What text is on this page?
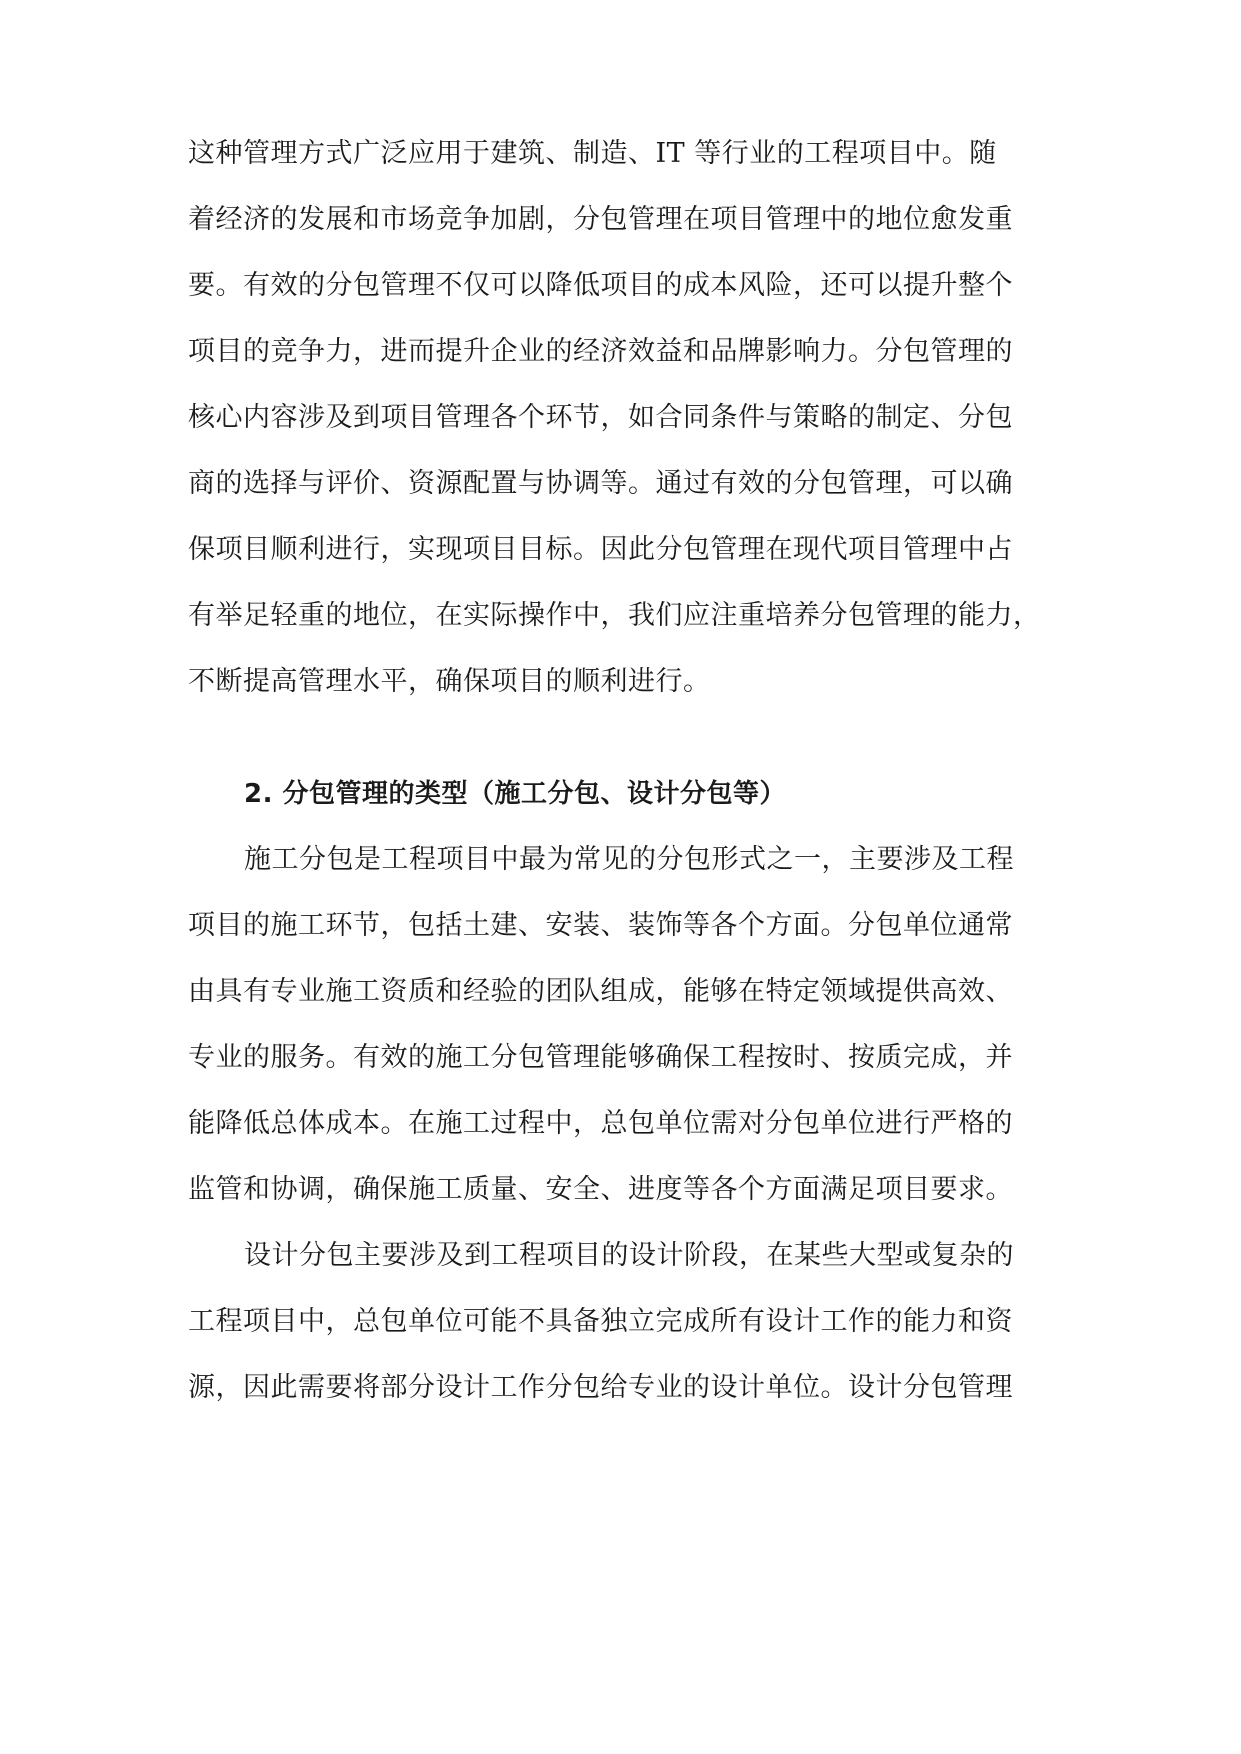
这种管理方式广泛应用于建筑、制造、IT 等行业的工程项目中。随
着经济的发展和市场竞争加剧，分包管理在项目管理中的地位愈发重
要。有效的分包管理不仅可以降低项目的成本风险，还可以提升整个
项目的竞争力，进而提升企业的经济效益和品牌影响力。分包管理的
核心内容涉及到项目管理各个环节，如合同条件与策略的制定、分包
商的选择与评价、资源配置与协调等。通过有效的分包管理，可以确
保项目顺利进行，实现项目目标。因此分包管理在现代项目管理中占
有举足轻重的地位，在实际操作中，我们应注重培养分包管理的能力，
不断提高管理水平，确保项目的顺利进行。
2. 分包管理的类型（施工分包、设计分包等）
施工分包是工程项目中最为常见的分包形式之一，主要涉及工程
项目的施工环节，包括土建、安装、装饰等各个方面。分包单位通常
由具有专业施工资质和经验的团队组成，能够在特定领域提供高效、
专业的服务。有效的施工分包管理能够确保工程按时、按质完成，并
能降低总体成本。在施工过程中，总包单位需对分包单位进行严格的
监管和协调，确保施工质量、安全、进度等各个方面满足项目要求。
设计分包主要涉及到工程项目的设计阶段，在某些大型或复杂的
工程项目中，总包单位可能不具备独立完成所有设计工作的能力和资
源，因此需要将部分设计工作分包给专业的设计单位。设计分包管理
